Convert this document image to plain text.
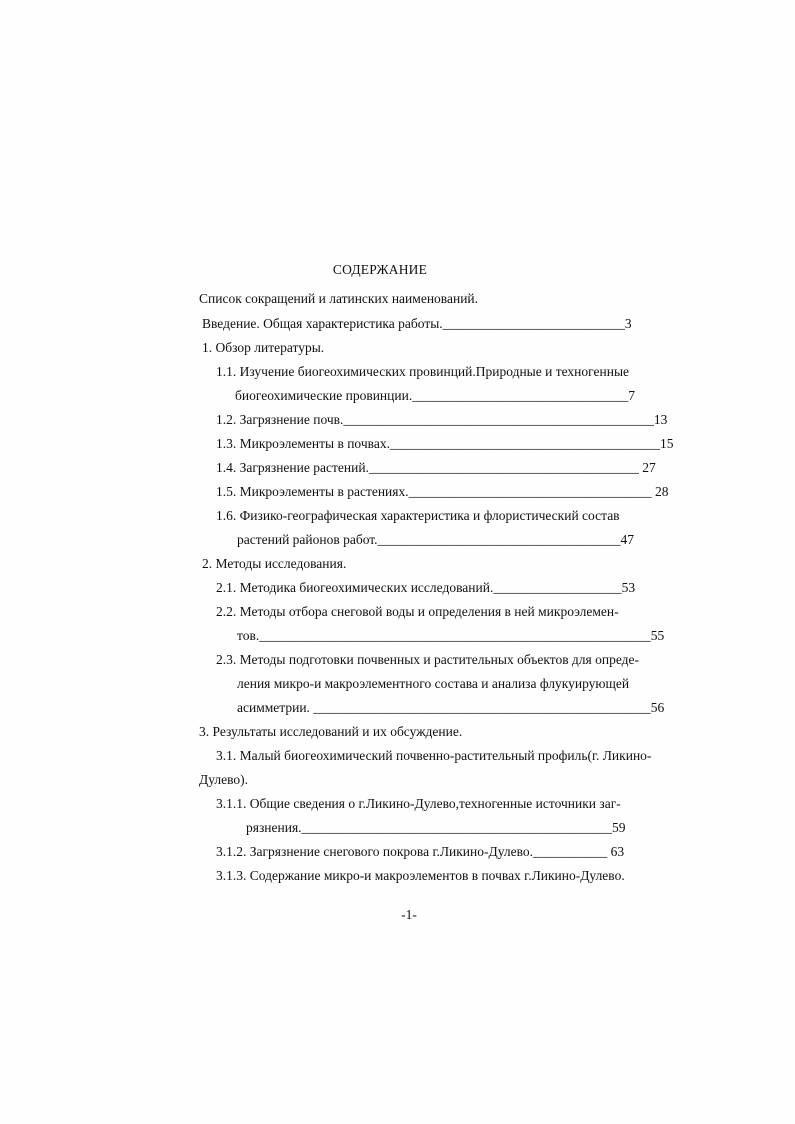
СОДЕРЖАНИЕ
Список сокращений и латинских наименований.
Введение. Общая характеристика работы.___________________________3
1. Обзор литературы.
1.1. Изучение биогеохимических провинций.Природные и техногенные
биогеохимические провинции.________________________________7
1.2. Загрязнение почв.______________________________________________13
1.3. Микроэлементы в почвах.________________________________________15
1.4. Загрязнение растений.________________________________________ 27
1.5. Микроэлементы в растениях.____________________________________ 28
1.6. Физико-географическая характеристика и флористический состав
растений районов работ.____________________________________47
2. Методы исследования.
2.1. Методика биогеохимических исследований.___________________53
2.2. Методы отбора снеговой воды и определения в ней микроэлемен-
тов.__________________________________________________________55
2.3. Методы подготовки почвенных и растительных объектов для опреде-
ления микро-и макроэлементного состава и анализа флукуирующей
асимметрии. __________________________________________________56
3. Результаты исследований и их обсуждение.
3.1. Малый биогеохимический почвенно-растительный профиль(г. Ликино-
Дулево).
3.1.1. Общие сведения о г.Ликино-Дулево,техногенные источники заг-
рязнения.______________________________________________59
3.1.2. Загрязнение снегового покрова г.Ликино-Дулево.___________ 63
3.1.3. Содержание микро-и макроэлементов в почвах г.Ликино-Дулево.
-1-
